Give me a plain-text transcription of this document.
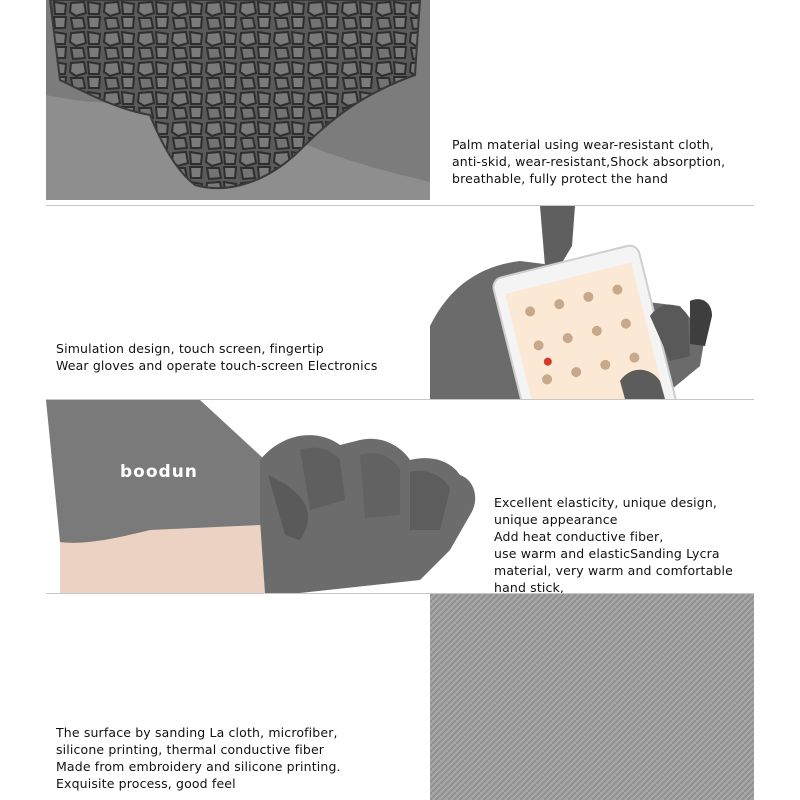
Palm material using wear-resistant cloth,
anti-skid, wear-resistant,Shock absorption,
breathable, fully protect the hand
Simulation design, touch screen, fingertip
Wear gloves and operate touch-screen Electronics
boodun
Excellent elasticity, unique design,
unique appearance
Add heat conductive fiber,
use warm and elasticSanding Lycra
material, very warm and comfortable
hand stick,
The surface by sanding La cloth, microfiber,
silicone printing, thermal conductive fiber
Made from embroidery and silicone printing.
Exquisite process, good feel
